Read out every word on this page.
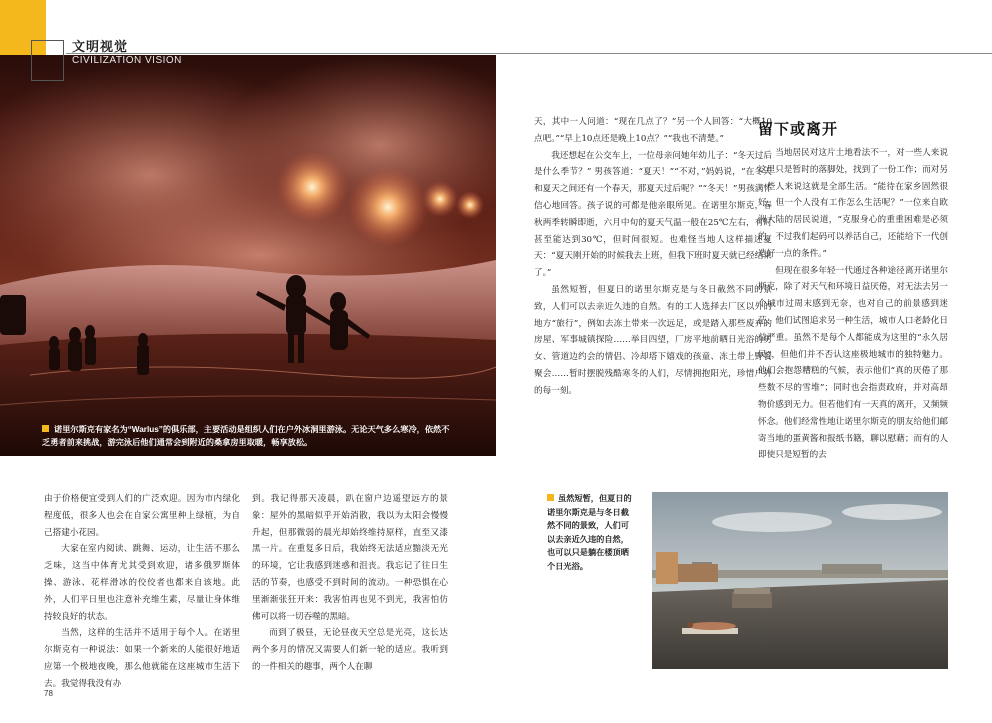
文明视觉
CIVILIZATION VISION
诺里尔斯克有家名为“Warlus”的俱乐部，主要活动是组织人们在户外冰洞里游泳。无论天气多么寒冷，依然不乏勇者前来挑战，游完泳后他们通常会到附近的桑拿房里取暖，畅享放松。

天，其中一人问道：“现在几点了？”另一个人回答：“大概10点吧。”“早上10点还是晚上10点？”“我也不清楚。”

我还想起在公交车上，一位母亲问她年幼儿子：“冬天过后是什么季节？” 男孩答道：“夏天！”“不对，”妈妈说，“在冬天和夏天之间还有一个春天，那夏天过后呢？”“冬天！”男孩满怀信心地回答。孩子说的可都是他亲眼所见。在诺里尔斯克，春秋两季转瞬即逝，六月中旬的夏天气温一般在25℃左右，有时甚至能达到30℃，但时间很短。也难怪当地人这样描述夏天：“夏天刚开始的时候我去上班，但我下班时夏天就已经结束了。”

虽然短暂，但夏日的诺里尔斯克是与冬日截然不同的景致，人们可以去亲近久违的自然。有的工人选择去厂区以外的地方“旅行”，例如去冻土带来一次远足，或是踏入那些废弃的房屋、军事城镇探险……举目四望，厂房平地前晒日光浴的男女、管道边约会的情侣、冷却塔下嬉戏的孩童、冻土带上野餐聚会……暂时摆脱残酷寒冬的人们，尽情拥抱阳光，珍惜户外的每一刻。

留下或离开

当地居民对这片土地看法不一，对一些人来说这里只是暂时的落脚处，找到了一份工作；而对另一些人来说这就是全部生活。“能待在家乡固然很好，但一个人没有工作怎么生活呢？”一位来自欧洲大陆的居民说道，“克服身心的重重困难是必须的，不过我们起码可以养活自己，还能给下一代创造好一点的条件。”

但现在很多年轻一代通过各种途径离开诺里尔斯克，除了对天气和环境日益厌倦，对无法去另一个城市过周末感到无奈，也对自己的前景感到迷茫，他们试图追求另一种生活，城市人口老龄化日益严重。虽然不是每个人都能成为这里的“永久居民”，但他们并不否认这座极地城市的独特魅力。他们会抱怨糟糕的气候，表示他们“真的厌倦了那些数不尽的雪堆”；同时也会指责政府，并对高昂物价感到无力。但若他们有一天真的离开，又频频怀念。他们经常性地让诺里尔斯克的朋友给他们邮寄当地的蛋黄酱和报纸书籍，聊以慰藉；而有的人即使只是短暂的去

由于价格便宜受到人们的广泛欢迎。因为市内绿化程度低，很多人也会在自家公寓里种上绿植，为自己搭建小花园。

大家在室内阅读、跳舞、运动，让生活不那么乏味，这当中体育尤其受到欢迎，诸多俄罗斯体操、游泳、花样滑冰的佼佼者也都来自该地。此外，人们平日里也注意补充维生素，尽量让身体维持较良好的状态。

当然，这样的生活并不适用于每个人。在诺里尔斯克有一种说法：如果一个新来的人能很好地适应第一个极地夜晚，那么他就能在这座城市生活下去。我觉得我没有办

到。我记得那天凌晨，趴在窗户边遥望远方的景象：屋外的黑暗似乎开始消散，我以为太阳会慢慢升起，但那微弱的晨光却始终维持原样，直至又漆黑一片。在重复多日后，我始终无法适应黯淡无光的环境，它让我感到迷惑和沮丧。我忘记了往日生活的节奏，也感受不到时间的流动。一种恐惧在心里渐渐张狂开来：我害怕再也见不到光，我害怕仿佛可以将一切吞噬的黑暗。

而到了极昼，无论昼夜天空总是光亮，这长达两个多月的情况又需要人们新一轮的适应。我听到的一件相关的趣事，两个人在聊

虽然短暂，但夏日的诺里尔斯克是与冬日截然不同的景致，人们可以去亲近久违的自然，也可以只是躺在楼顶晒个日光浴。
78
